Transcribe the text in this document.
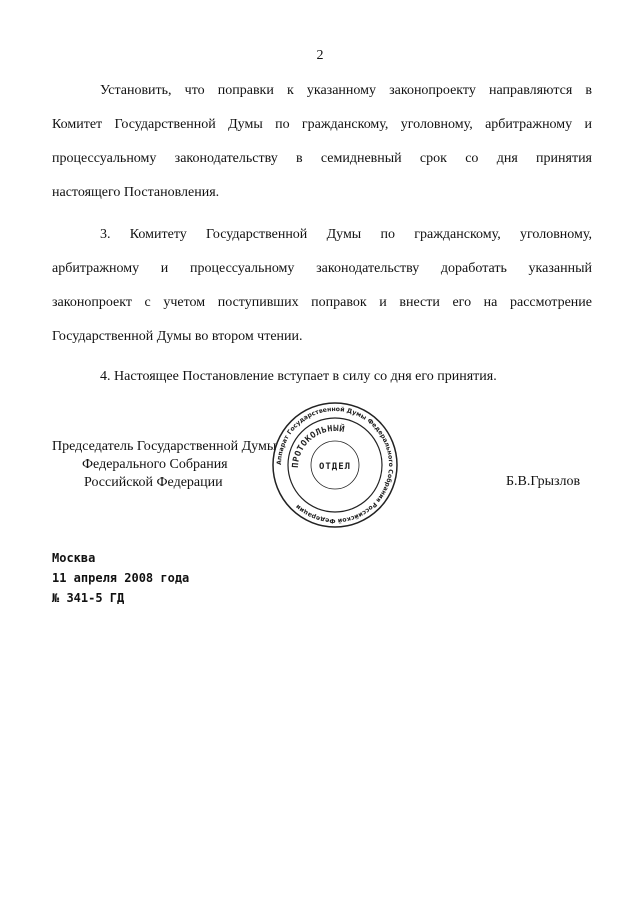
2
Установить, что поправки к указанному законопроекту направляются в
Комитет Государственной Думы по гражданскому, уголовному, арбитражному и
процессуальному законодательству в семидневный срок со дня принятия
настоящего Постановления.
3. Комитету Государственной Думы по гражданскому, уголовному,
арбитражному и процессуальному законодательству доработать указанный
законопроект с учетом поступивших поправок и внести его на рассмотрение
Государственной Думы во втором чтении.
4. Настоящее Постановление вступает в силу со дня его принятия.
Председатель Государственной Думы
Федерального Собрания
Российской Федерации	Б.В.Грызлов
Аппарат Государственной Думы Федерального Собрания Российской Федерации
ПРОТОКОЛЬНЫЙ
ОТДЕЛ
Москва
11 апреля 2008 года
№ 341-5 ГД
